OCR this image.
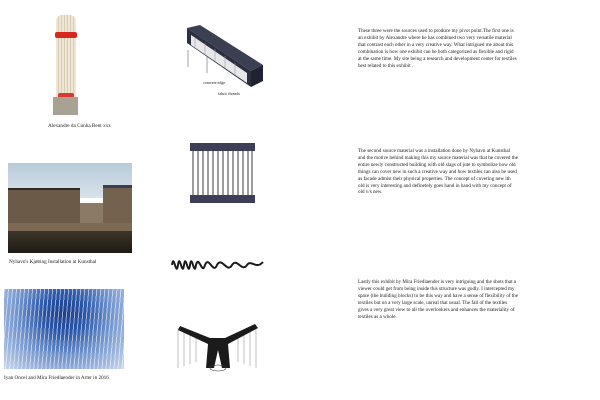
Alexandre da Cunha Bent xxx
Nyhavn's Kjøbing Installation at Kunsthal
Iyan Oncel and Mira Friedlaender in Arter in 2016
concrete edge
fabric threads
These three were the sources used to produce my pivot point.The first one is an exhibit by Alexandre where he has combined two very versatile material that contrast each other in a very creative way. What intrigued me about this combination is how one exhibit can be both categorized as flexible and rigid at the same time. My site being a research and development center for textiles best related to this exhibit .
The second source material was a installation done by Nyhavn at Kunsthal and the motive behind making this my source material was that he covered the entire newly constructed building with old slags of jute to symbolize how old things can cover new in such a creative way and how textiles can also be used as facade admist their physical properties. The concept of covering new ith old is very interesting and definetely goes hand in hand with my concept of old v/s new.
Lastly this exhibit by Mira Friedlaender is very intriguing and the shots that a viewer could get from being inside this structure was godly. I intercepted my space (the building blocks) to be this way and have a sense of flexibility of the textiles but on a very large scale, unreal that usual. The fall of the textiles gives a very great view to all the overlookers and enhances the materiality of textiles as a whole.
